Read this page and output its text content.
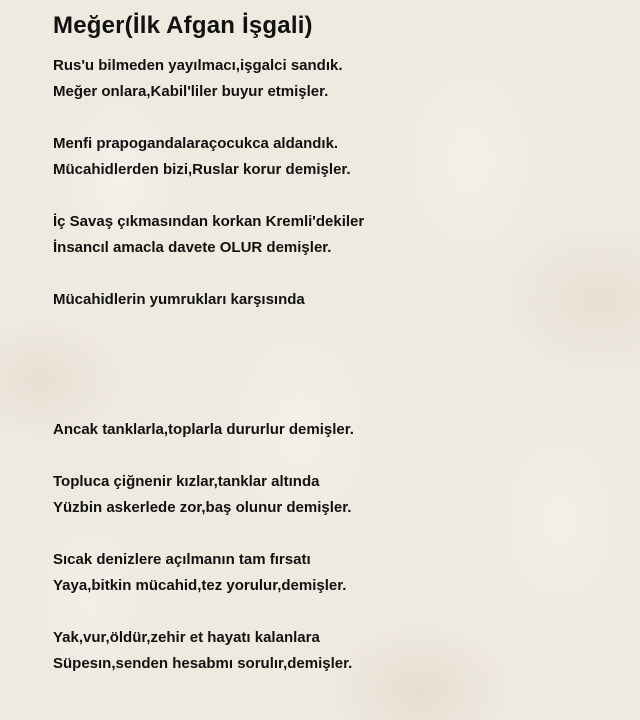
Meğer(İlk Afgan İşgali)
Rus'u bilmeden yayılmacı,işgalci sandık.
Meğer onlara,Kabil'liler buyur etmişler.
Menfi prapogandalaraçocukca aldandık.
Mücahidlerden bizi,Ruslar korur demişler.
İç Savaş çıkmasından korkan Kremli'dekiler
İnsancıl amacla davete OLUR demişler.
Mücahidlerin yumrukları karşısında
Ancak tanklarla,toplarla dururlur demişler.
Topluca çiğnenir kızlar,tanklar altında
Yüzbin askerlede zor,baş olunur demişler.
Sıcak denizlere açılmanın tam fırsatı
Yaya,bitkin mücahid,tez yorulur,demişler.
Yak,vur,öldür,zehir et hayatı kalanlara
Süpesın,senden hesabmı sorulır,demişler.
